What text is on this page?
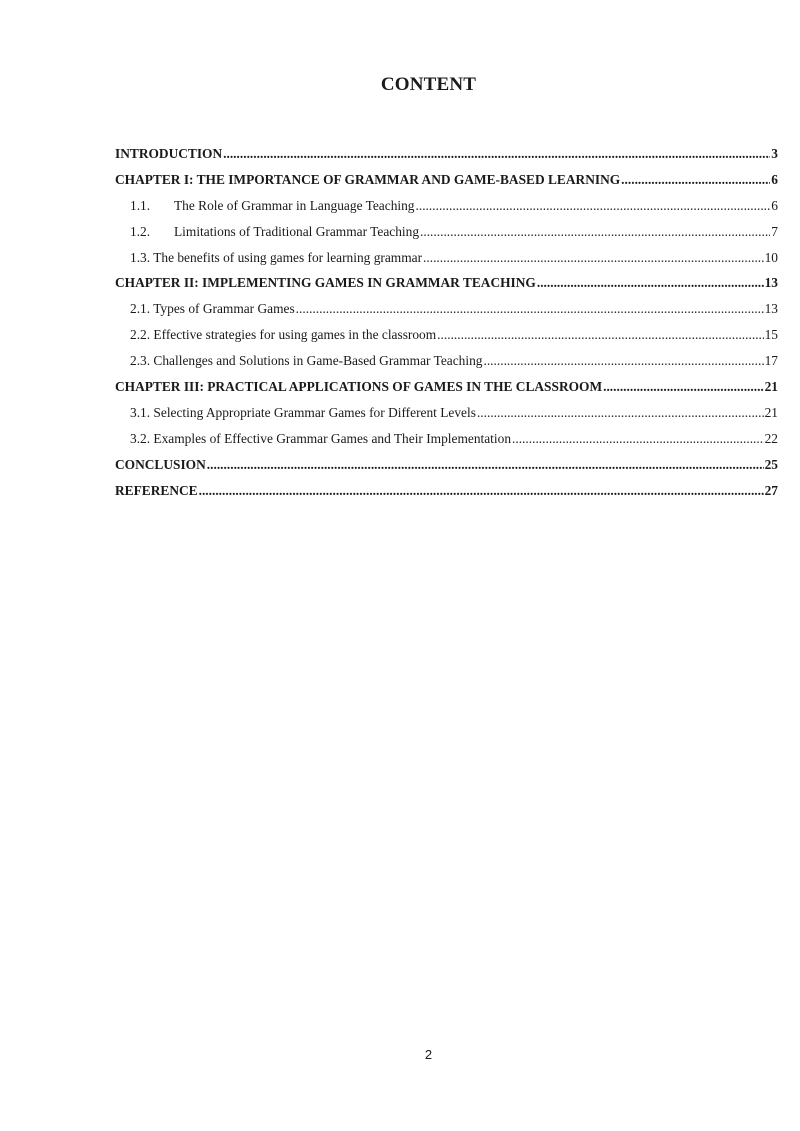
CONTENT
INTRODUCTION .....	3
CHAPTER I: THE IMPORTANCE OF GRAMMAR AND GAME-BASED LEARNING .....	6
1.1.	The Role of Grammar in Language Teaching .....	6
1.2.	Limitations of Traditional Grammar Teaching .....	7
1.3. The benefits of using games for learning grammar .....	10
CHAPTER II: IMPLEMENTING GAMES IN GRAMMAR TEACHING .....	13
2.1. Types of Grammar Games .....	13
2.2. Effective strategies for using games in the classroom .....	15
2.3. Challenges and Solutions in Game-Based Grammar Teaching .....	17
CHAPTER III: PRACTICAL APPLICATIONS OF GAMES IN THE CLASSROOM .....	21
3.1. Selecting Appropriate Grammar Games for Different Levels .....	21
3.2. Examples of Effective Grammar Games and Their Implementation .....	22
CONCLUSION .....	25
REFERENCE .....	27
2
